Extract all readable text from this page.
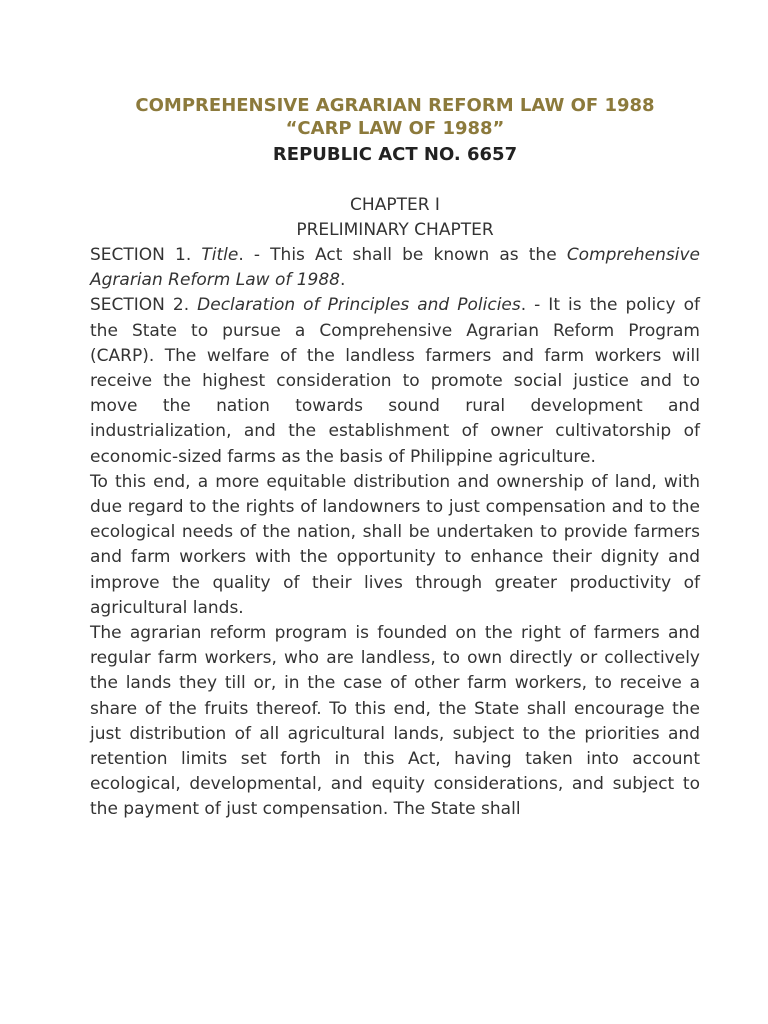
COMPREHENSIVE AGRARIAN REFORM LAW OF 1988

“CARP LAW OF 1988”

REPUBLIC ACT NO. 6657

CHAPTER I

PRELIMINARY CHAPTER

SECTION 1. Title. - This Act shall be known as the Comprehensive Agrarian Reform Law of 1988.

SECTION 2. Declaration of Principles and Policies. - It is the policy of the State to pursue a Comprehensive Agrarian Reform Program (CARP). The welfare of the landless farmers and farm workers will receive the highest consideration to promote social justice and to move the nation towards sound rural development and industrialization, and the establishment of owner cultivatorship of economic-sized farms as the basis of Philippine agriculture.

To this end, a more equitable distribution and ownership of land, with due regard to the rights of landowners to just compensation and to the ecological needs of the nation, shall be undertaken to provide farmers and farm workers with the opportunity to enhance their dignity and improve the quality of their lives through greater productivity of agricultural lands.

The agrarian reform program is founded on the right of farmers and regular farm workers, who are landless, to own directly or collectively the lands they till or, in the case of other farm workers, to receive a share of the fruits thereof. To this end, the State shall encourage the just distribution of all agricultural lands, subject to the priorities and retention limits set forth in this Act, having taken into account ecological, developmental, and equity considerations, and subject to the payment of just compensation. The State shall
